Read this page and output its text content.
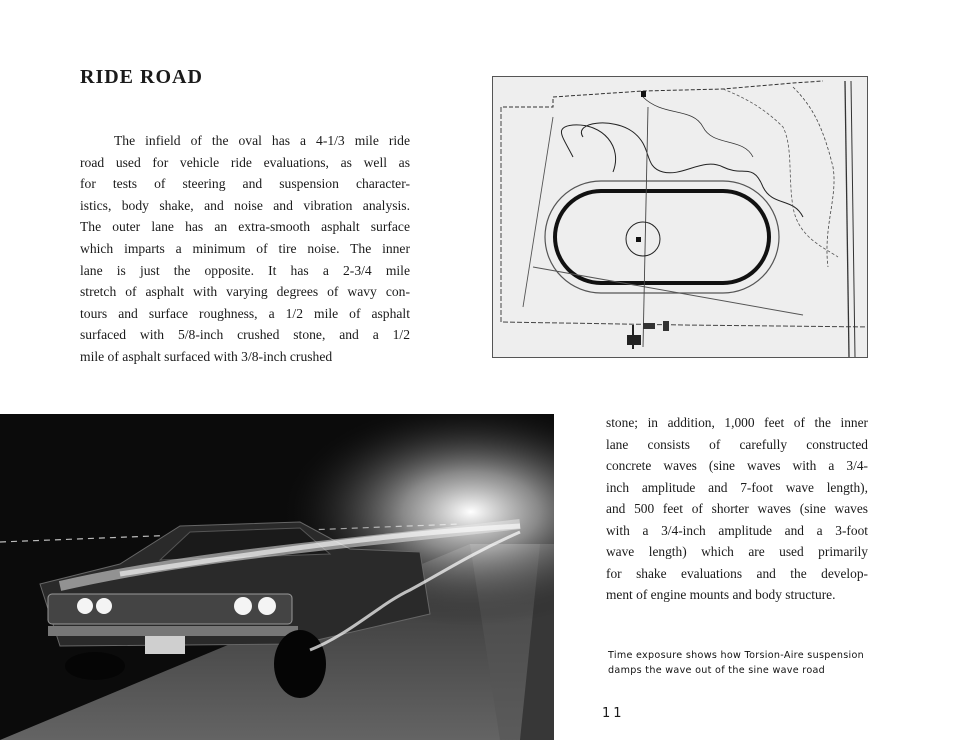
RIDE ROAD
The infield of the oval has a 4-1/3 mile ride
road used for vehicle ride evaluations, as well as
for tests of steering and suspension character-
istics, body shake, and noise and vibration analysis.
The outer lane has an extra-smooth asphalt surface
which imparts a minimum of tire noise. The inner
lane is just the opposite. It has a 2-3/4 mile
stretch of asphalt with varying degrees of wavy con-
tours and surface roughness, a 1/2 mile of asphalt
surfaced with 5/8-inch crushed stone, and a 1/2
mile of asphalt surfaced with 3/8-inch crushed
stone; in addition, 1,000 feet of the inner
lane consists of carefully constructed
concrete waves (sine waves with a 3/4-
inch amplitude and 7-foot wave length),
and 500 feet of shorter waves (sine waves
with a 3/4-inch amplitude and a 3-foot
wave length) which are used primarily
for shake evaluations and the develop-
ment of engine mounts and body structure.
Time exposure shows how Torsion-Aire suspension
damps the wave out of the sine wave road
11
